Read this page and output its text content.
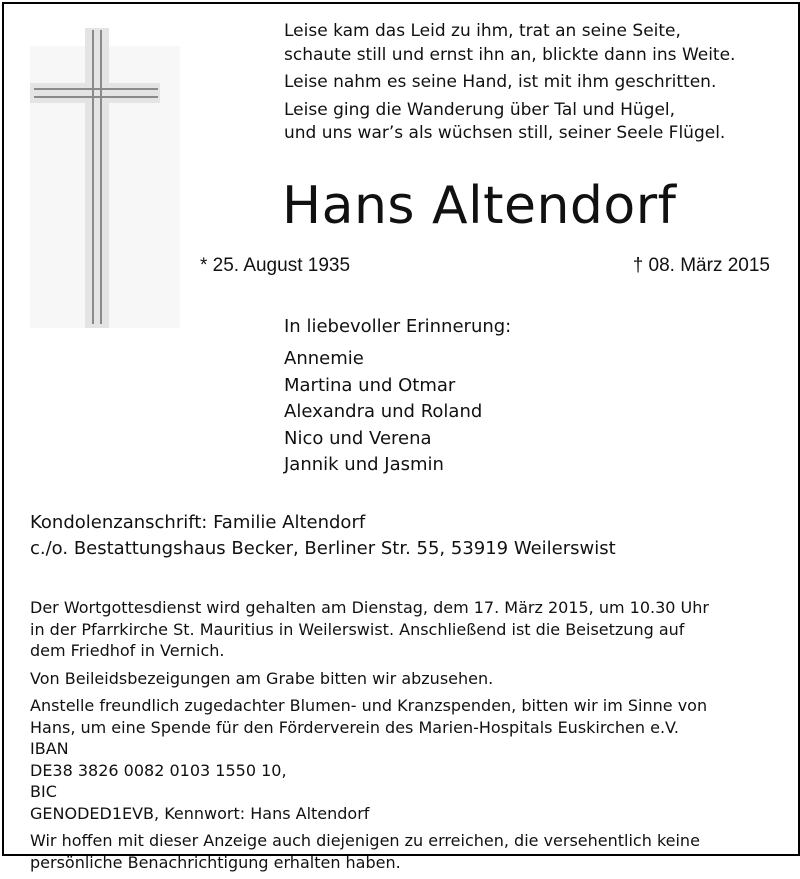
Leise kam das Leid zu ihm, trat an seine Seite,
schaute still und ernst ihn an, blickte dann ins Weite.

Leise nahm es seine Hand, ist mit ihm geschritten.

Leise ging die Wanderung über Tal und Hügel,
und uns war’s als wüchsen still, seiner Seele Flügel.

Hans Altendorf
* 25. August 1935	† 08. März 2015
In liebevoller Erinnerung:
Annemie
Martina und Otmar
Alexandra und Roland
Nico und Verena
Jannik und Jasmin
Kondolenzanschrift: Familie Altendorf
c./o. Bestattungshaus Becker, Berliner Str. 55, 53919 Weilerswist

Der Wortgottesdienst wird gehalten am Dienstag, dem 17. März 2015, um 10.30 Uhr
in der Pfarrkirche St. Mauritius in Weilerswist. Anschließend ist die Beisetzung auf
dem Friedhof in Vernich.

Von Beileidsbezeigungen am Grabe bitten wir abzusehen.

Anstelle freundlich zugedachter Blumen- und Kranzspenden, bitten wir im Sinne von
Hans, um eine Spende für den Förderverein des Marien-Hospitals Euskirchen e.V.
IBAN
DE38 3826 0082 0103 1550 10,
BIC
GENODED1EVB, Kennwort: Hans Altendorf

Wir hoffen mit dieser Anzeige auch diejenigen zu erreichen, die versehentlich keine
persönliche Benachrichtigung erhalten haben.
